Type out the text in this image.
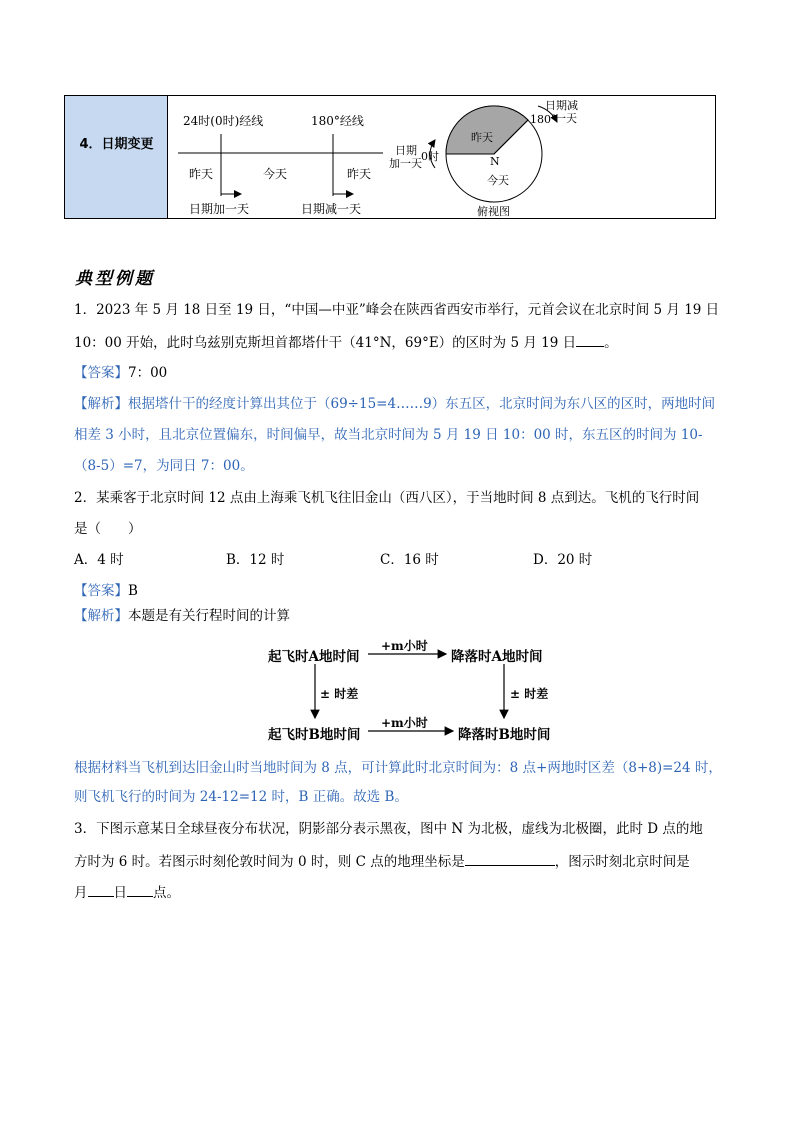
4．日期变更
24时(0时)经线	180°经线
昨天	今天	昨天
日期加一天	日期减一天
日期
加一天
0时
昨天
N
今天
180°
日期减
一天
俯视图
典型例题
1．2023 年 5 月 18 日至 19 日，“中国—中亚”峰会在陕西省西安市举行，元首会议在北京时间 5 月 19 日
10：00 开始，此时乌兹别克斯坦首都塔什干（41°N，69°E）的区时为 5 月 19 日 。
【答案】7：00
【解析】根据塔什干的经度计算出其位于（69÷15=4……9）东五区，北京时间为东八区的区时，两地时间
相差 3 小时，且北京位置偏东，时间偏早，故当北京时间为 5 月 19 日 10：00 时，东五区的时间为 10-
（8-5）=7，为同日 7：00。
2．某乘客于北京时间 12 点由上海乘飞机飞往旧金山（西八区），于当地时间 8 点到达。飞机的飞行时间
是（　　）
A．4 时	B．12 时	C．16 时	D．20 时
【答案】B
【解析】本题是有关行程时间的计算
起飞时A地时间	降落时A地时间
起飞时B地时间	降落时B地时间
+m小时
+m小时
± 时差	± 时差
根据材料当飞机到达旧金山时当地时间为 8 点，可计算此时北京时间为：8 点+两地时区差（8+8)=24 时，
则飞机飞行的时间为 24-12=12 时，B 正确。故选 B。
3．下图示意某日全球昼夜分布状况，阴影部分表示黑夜，图中 N 为北极，虚线为北极圈，此时 D 点的地
方时为 6 时。若图示时刻伦敦时间为 0 时，则 C 点的地理坐标是	，图示时刻北京时间是
月 日 点。
